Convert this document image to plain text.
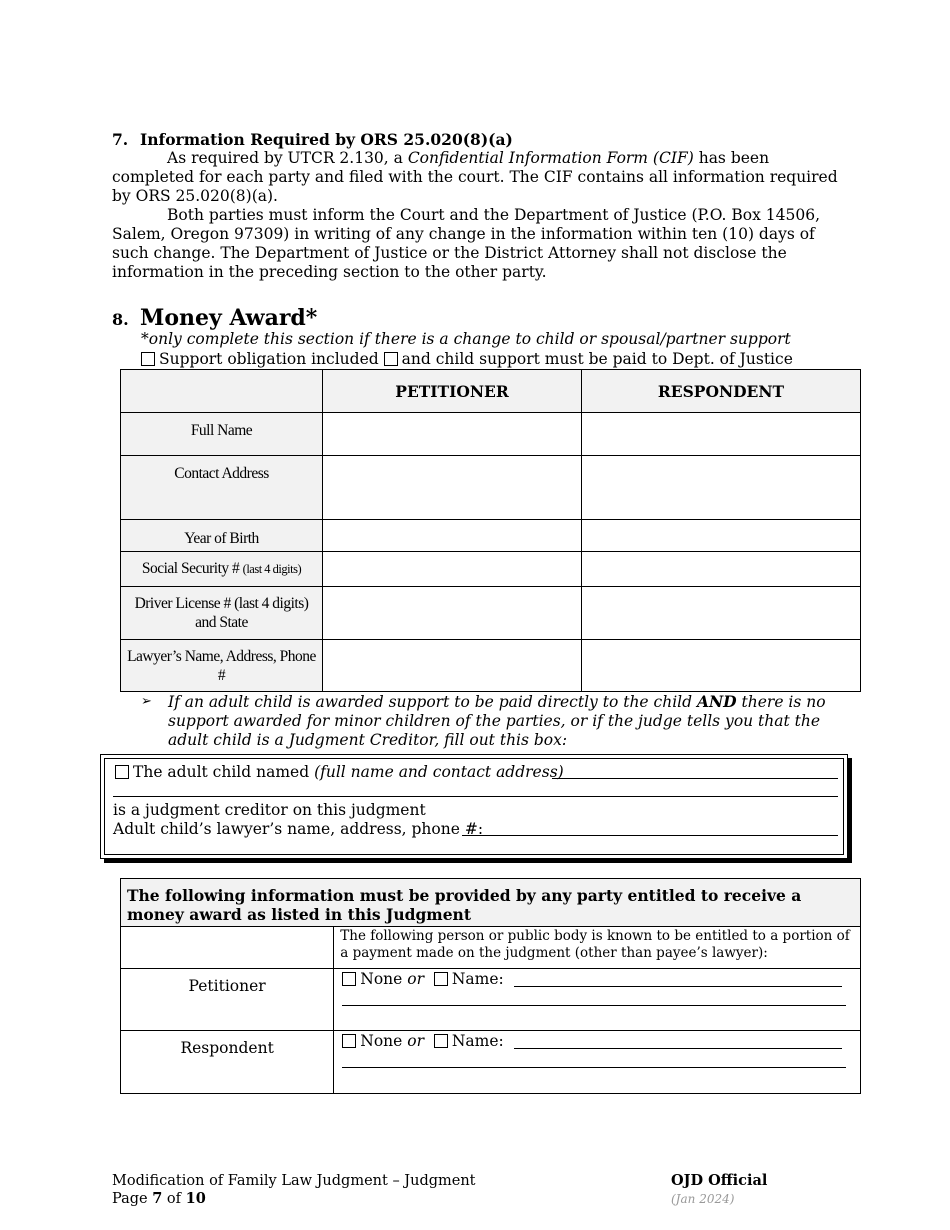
7. Information Required by ORS 25.020(8)(a)
As required by UTCR 2.130, a Confidential Information Form (CIF) has been completed for each party and filed with the court. The CIF contains all information required by ORS 25.020(8)(a).
Both parties must inform the Court and the Department of Justice (P.O. Box 14506, Salem, Oregon 97309) in writing of any change in the information within ten (10) days of such change. The Department of Justice or the District Attorney shall not disclose the information in the preceding section to the other party.
8. Money Award*
*only complete this section if there is a change to child or spousal/partner support
Support obligation included and child support must be paid to Dept. of Justice
	PETITIONER	RESPONDENT
Full Name		
Contact Address		
Year of Birth		
Social Security # (last 4 digits)		
Driver License # (last 4 digits) and State		
Lawyer’s Name, Address, Phone #		
➢ If an adult child is awarded support to be paid directly to the child AND there is no support awarded for minor children of the parties, or if the judge tells you that the adult child is a Judgment Creditor, fill out this box:
The adult child named (full name and contact address)
is a judgment creditor on this judgment
Adult child’s lawyer’s name, address, phone #:
The following information must be provided by any party entitled to receive a money award as listed in this Judgment	
	The following person or public body is known to be entitled to a portion of a payment made on the judgment (other than payee’s lawyer):
Petitioner	None or Name:

Respondent	None or Name:
Modification of Family Law Judgment – Judgment
Page 7 of 10
OJD Official
(Jan 2024)
